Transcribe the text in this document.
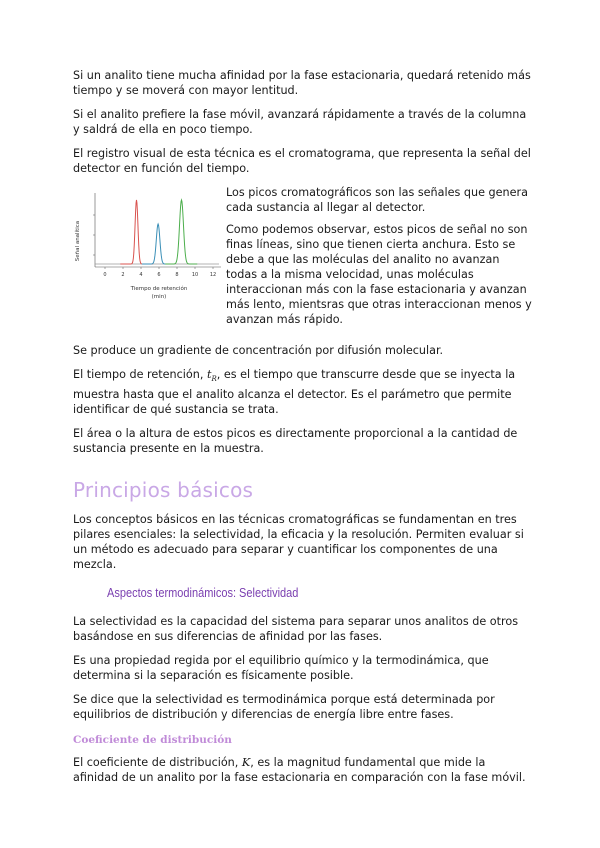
Si un analito tiene mucha afinidad por la fase estacionaria, quedará retenido más tiempo y se moverá con mayor lentitud.

Si el analito prefiere la fase móvil, avanzará rápidamente a través de la columna y saldrá de ella en poco tiempo.

El registro visual de esta técnica es el cromatograma, que representa la señal del detector en función del tiempo.

Señal analítica
0	2	4	6	8	10 12
Tiempo de retención
(min)

Los picos cromatográficos son las señales que genera cada sustancia al llegar al detector.

Como podemos observar, estos picos de señal no son finas líneas, sino que tienen cierta anchura. Esto se debe a que las moléculas del analito no avanzan todas a la misma velocidad, unas moléculas interaccionan más con la fase estacionaria y avanzan más lento, mientsras que otras interaccionan menos y avanzan más rápido.

Se produce un gradiente de concentración por difusión molecular.

El tiempo de retención, $t_R$, es el tiempo que transcurre desde que se inyecta la muestra hasta que el analito alcanza el detector. Es el parámetro que permite identificar de qué sustancia se trata.

El área o la altura de estos picos es directamente proporcional a la cantidad de sustancia presente en la muestra.

Principios básicos

Los conceptos básicos en las técnicas cromatográficas se fundamentan en tres pilares esenciales: la selectividad, la eficacia y la resolución. Permiten evaluar si un método es adecuado para separar y cuantificar los componentes de una mezcla.

Aspectos termodinámicos: Selectividad

La selectividad es la capacidad del sistema para separar unos analitos de otros basándose en sus diferencias de afinidad por las fases.

Es una propiedad regida por el equilibrio químico y la termodinámica, que determina si la separación es físicamente posible.

Se dice que la selectividad es termodinámica porque está determinada por equilibrios de distribución y diferencias de energía libre entre fases.

Coeficiente de distribución

El coeficiente de distribución, K, es la magnitud fundamental que mide la afinidad de un analito por la fase estacionaria en comparación con la fase móvil.
